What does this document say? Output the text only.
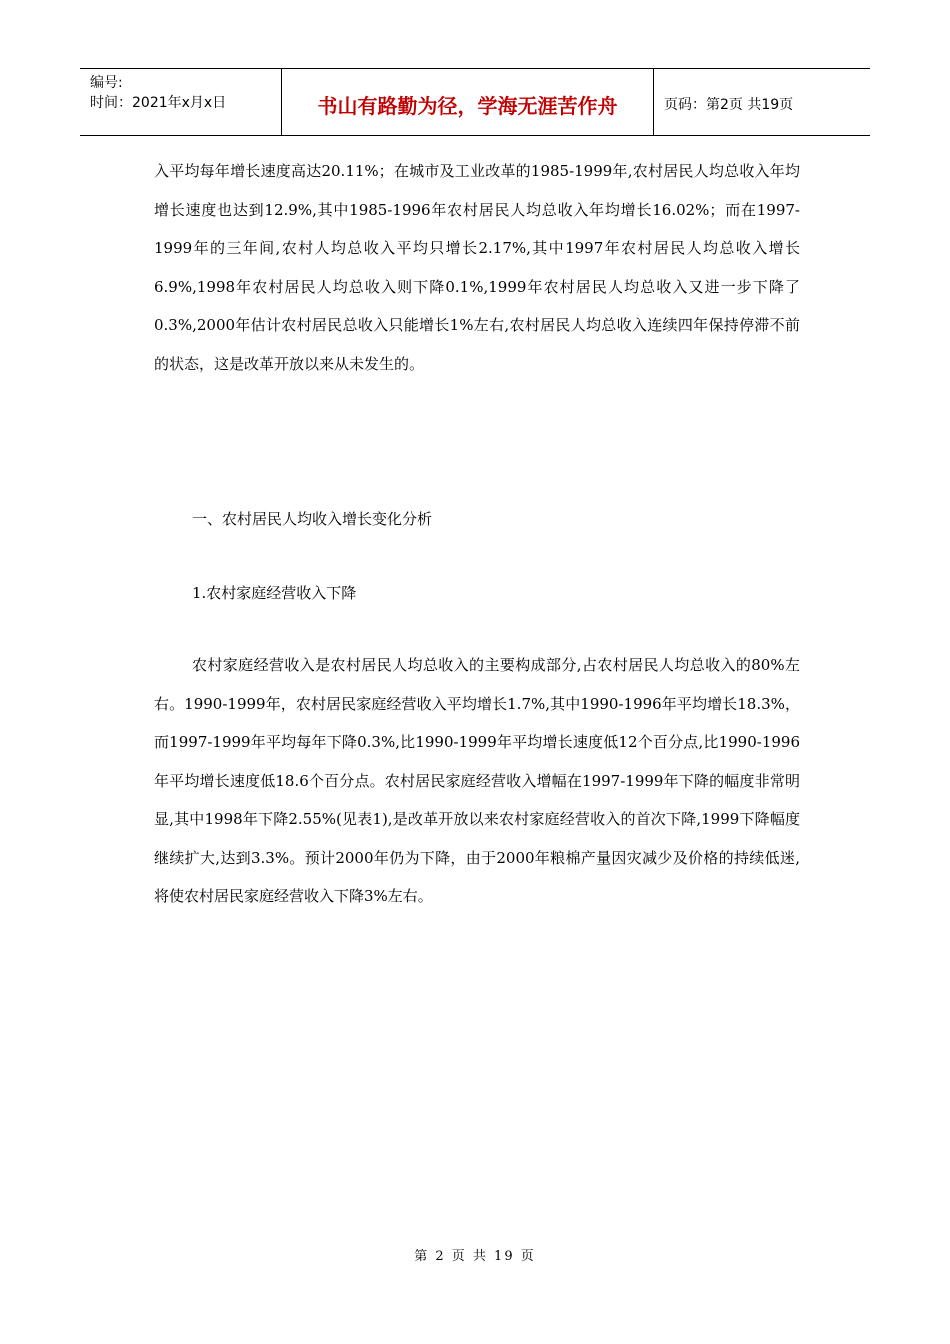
编号:
时间：2021年x月x日	书山有路勤为径，学海无涯苦作舟	页码：第2页 共19页

入平均每年增长速度高达20.11%；在城市及工业改革的1985-1999年,农村居民人均总收入年均增长速度也达到12.9%,其中1985-1996年农村居民人均总收入年均增长16.02%；而在1997-1999年的三年间,农村人均总收入平均只增长2.17%,其中1997年农村居民人均总收入增长6.9%,1998年农村居民人均总收入则下降0.1%,1999年农村居民人均总收入又进一步下降了0.3%,2000年估计农村居民总收入只能增长1%左右,农村居民人均总收入连续四年保持停滞不前的状态，这是改革开放以来从未发生的。

一、农村居民人均收入增长变化分析
1.农村家庭经营收入下降

农村家庭经营收入是农村居民人均总收入的主要构成部分,占农村居民人均总收入的80%左右。1990-1999年，农村居民家庭经营收入平均增长1.7%,其中1990-1996年平均增长18.3%，而1997-1999年平均每年下降0.3%,比1990-1999年平均增长速度低12个百分点,比1990-1996年平均增长速度低18.6个百分点。农村居民家庭经营收入增幅在1997-1999年下降的幅度非常明显,其中1998年下降2.55%(见表1),是改革开放以来农村家庭经营收入的首次下降,1999下降幅度继续扩大,达到3.3%。预计2000年仍为下降，由于2000年粮棉产量因灾减少及价格的持续低迷,将使农村居民家庭经营收入下降3%左右。

第 2 页 共 19 页
